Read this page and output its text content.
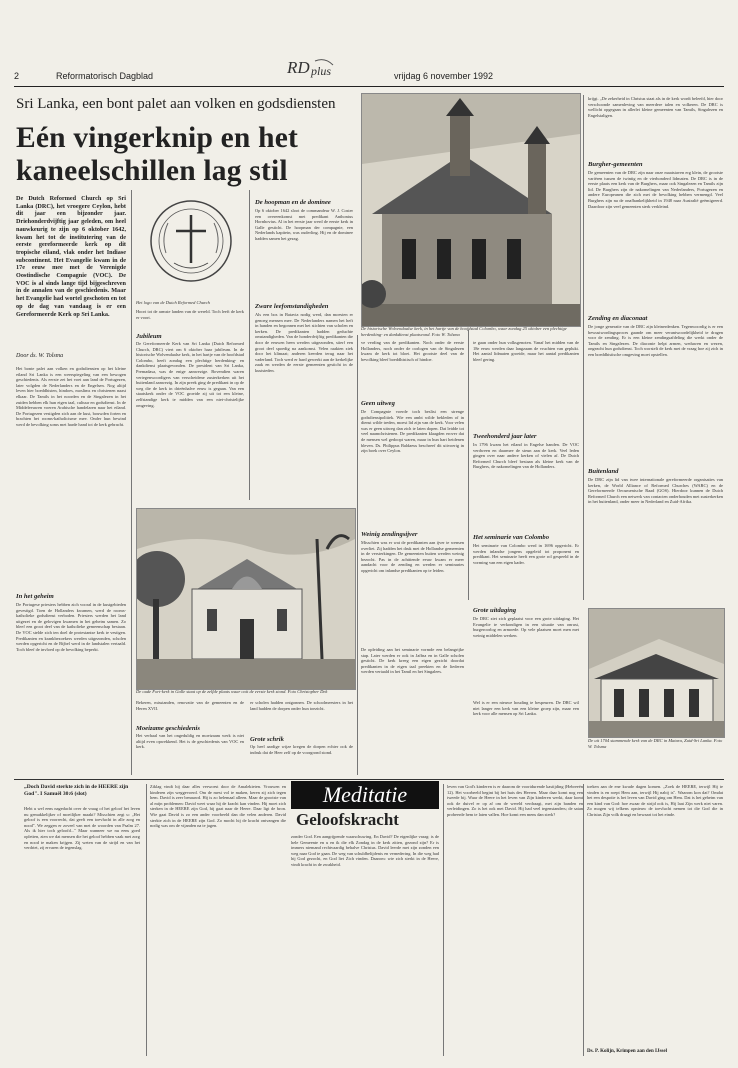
2	Reformatorisch Dagblad	vrijdag 6 november 1992
RD plus
Sri Lanka, een bont palet aan volken en godsdiensten
Eén vingerknip en het kaneelschillen lag stil
De Dutch Reformed Church op Sri Lanka (DRC), het vroegere Ceylon, hebt dit jaar een bijzonder jaar. Driehonderdvijftig jaar geleden, om heel nauwkeurig te zijn op 6 oktober 1642, kwam het tot de institutering van de eerste gereformeerde kerk op dit tropische eiland, vlak onder het Indiase subcontinent. Het Evangelie kwam in de 17e eeuw mee met de Verenigde Oostindische Compagnie (VOC). De VOC is al sinds lange tijd bijgeschreven in de annalen van de geschiedenis. Maar het Evangelie had wortel geschoten en tot op de dag van vandaag is er een Gereformeerde Kerk op Sri Lanka.
Door ds. W. Tolsma
Het bonte palet aan volken en godsdiensten op het kleine eiland Sri Lanka is een weerspiegeling van een bewogen geschiedenis. Als eerste zet het voet aan land de Portugezen, later volgden de Nederlanders en de Engelsen. Nog altijd leven hier boeddhisten, hindoes, moslims en christenen naast elkaar. De Tamils in het noorden en de Singalezen in het zuiden hebben elk hun eigen taal, cultuur en godsdienst. In de Middeleeuwen voeren Arabische handelaren naar het eiland. De Portugezen vestigden zich aan de kust, bouwden forten en brachten het rooms-katholicisme mee. Onder hun bewind werd de bevolking soms met harde hand tot de kerk gebracht.
In het geheim
De Portugese priesters hebben zich vooral in de kustgebieden gevestigd. Toen de Hollanders kwamen, werd de rooms-katholieke godsdienst verboden. Priesters werden het land uitgezet en de gelovigen kwamen in het geheim samen. Zo bleef een groot deel van de katholieke gemeenschap bestaan. De VOC stelde zich ten doel de protestantse kerk te vestigen. Predikanten en krankbezoekers werden uitgezonden, scholen werden opgericht en de Bijbel werd in de landstalen vertaald. Toch bleef de invloed op de bevolking beperkt.
Het logo van de Dutch Reformed Church
Hoort tot de armste landen van de wereld. Toch leeft de kerk er voort.
Jubileum
De Gereformeerde Kerk van Sri Lanka (Dutch Reformed Church, DRC) viert om 6 oktober haar jubileum. In de historische Wolvendaalse kerk, in het hartje van de hoofdstad Colombo, heeft zondag een plechtige herdenking- en dankdienst plaatsgevonden. De president van Sri Lanka, Premadasa, was de enige aanwezige. Bovendien waren vertegenwoordigers van verscheidene zusterkerken uit het buitenland aanwezig. In zijn preek ging de predikant in op de weg die de kerk in drieënhalve eeuw is gegaan. Van een staatskerk onder de VOC groeide zij uit tot een kleine, zelfstandige kerk te midden van een niet-christelijke omgeving.
De hoopman en de dominee
Op 6 oktober 1642 sloot de commandeur W. J. Coster een overeenkomst met predikant Anthonius Hornhovius. Al in het eerste jaar werd de eerste kerk in Galle gesticht. De hoopman der compagnie, een Nederlands kapitein, was ouderling. Hij en de dominee hadden samen het gezag.
Zware leefomstandigheden
Als een bos in Batavia nodig werd, dan moesten er genoeg mensen mee. De Nederlanders namen het heft in handen en begonnen met het stichten van scholen en kerken. De predikanten hadden geduchte omstandigheden. Van de honderdvijftig predikanten die door de eeuwen heen werden uitgezonden, stierf een groot deel spoedig na aankomst. Velen raakten ziek door het klimaat; anderen keerden terug naar het vaderland. Toch werd er hard gewerkt aan de kerkelijke zaak en werden de eerste gemeenten gesticht in de kuststeden.
De historische Wolvendaalse kerk, in het hartje van de hoofdstad Colombo, waar zondag 25 oktober een plechtige herdenking- en dankdienst plaatsvond. Foto W. Tolsma
ve verding van de predikanten. Noch onder de eerste Hollanders, noch onder de oorlogen van de Singalezen kwam de kerk tot bloei. Het grootste deel van de bevolking bleef boeddhistisch of hindoe.
Geen uitweg
De Compagnie voerde toch beslist een strenge godsdienstpolitiek. Wie een ambt wilde bekleden of in dienst wilde treden, moest lid zijn van de kerk. Voor velen was er geen uitweg dan zich te laten dopen. Dat leidde tot veel naamchristenen. De predikanten klaagden erover dat de mensen wel gedoopt waren, maar in hun hart heidenen bleven. Ds. Philippus Baldaeus beschreef dit uitvoerig in zijn boek over Ceylon.
Weinig zendingsijver
Misschien was er wat de predikanten aan ijver te wensen overliet. Zij hadden het druk met de Hollandse gemeenten in de versterkingen. De gemeenten buiten werden weinig bezocht. Pas in de achttiende eeuw kwam er meer aandacht voor de zending en werden er seminaries opgericht om inlandse predikanten op te leiden.
te gaan onder hun volksgenoten. Vanaf het midden van de 18e eeuw werden daar langzaam de vruchten van geplukt. Het aantal lidmaten groeide, maar het aantal predikanten bleef gering.
Tweehonderd jaar later
In 1796 kwam het eiland in Engelse handen. De VOC verdween en daarmee de steun aan de kerk. Veel leden gingen over naar andere kerken of vielen af. De Dutch Reformed Church bleef bestaan als kleine kerk van de Burghers, de nakomelingen van de Hollanders.
Het seminarie van Colombo
Het seminarie van Colombo werd in 1696 opgericht. Er werden inlandse jongens opgeleid tot proponent en predikant. Het seminarie heeft een grote rol gespeeld in de vorming van een eigen kader.
De oude Fort-kerk in Galle staat op de zelfde plaats waar ooit de eerste kerk stond. Foto Christopher Dek
Bekeren, misstanden, renovatie van de gemeenten en de Heren XVII.
Moeizame geschiedenis
Het verhaal van het ongeduldig en moeizaam werk is niet altijd even opwekkend. Het is de geschiedenis van VOC en kerk.
er scholen hadden ontgonnen. De schoolmeesters in het land hadden de dorpen onder hun toezicht.
Grote schrik
Op heel aardige wijze kregen de dorpen echter ook de indruk dat de Heer zelf op de voorgrond stond.
krijgt. „De zekerheid in Christus staat als in de kerk wordt beleefd, hier door verschoonde samenleving van meerdere talen en volkeren. De DRC is wellicht opgegaan in allerlei kleine gemeenten van Tamils, Singalezen en Engelstaligen.
Burgher-gemeenten
De gemeenten van de DRC zijn naar onze maatstaven erg klein, de grootste variëren tussen de twintig en de vierhonderd lidmaten. De DRC is in de eerste plaats een kerk van de Burghers, maar ook Singalezen en Tamils zijn lid. De Burghers zijn de nakomelingen van Nederlanders, Portugezen en andere Europeanen die zich met de bevolking hebben vermengd. Veel Burghers zijn na de onafhankelijkheid in 1948 naar Australië geëmigreerd. Daardoor zijn veel gemeenten sterk verkleind.
Zending en diaconaat
De jonge generatie van de DRC zijn kleinerdenken. Tegenwoordig is er een bewustwordingsproces gaande om meer verantwoordelijkheid te dragen voor de zending. Er is een kleine zendingsafdeling die werkt onder de Tamils en Singalezen. De diaconie helpt armen, weduwen en wezen, ongeacht hun godsdienst. Toch worstelt de kerk met de vraag hoe zij zich in een boeddhistische omgeving moet opstellen.
Buitenland
De DRC zijn lid van twee internationale gereformeerde organisaties van kerken, de World Alliance of Reformed Churches (WARC) en de Gereformeerde Oecumenische Raad (GOS). Hierdoor kunnen de Dutch Reformed Church een netwerk van contacten onderhouden met zusterkerken in het buitenland, onder meer in Nederland en Zuid-Afrika.
Grote uitdaging
De DRC ziet zich geplaatst voor een grote uitdaging. Het Evangelie te verkondigen in een situatie van onrust, burgeroorlog en armoede. Op vele plaatsen moet men met weinig middelen werken.
De uit 1704 stammende kerk van de DRC in Matara, Zuid-Sri Lanka. Foto W. Tolsma
Wel is er een nieuwe houding te bespeuren. De DRC wil niet langer een kerk van een kleine groep zijn, maar een kerk voor alle mensen op Sri Lanka.
De opleiding aan het seminarie vormde een belangrijke stap. Later werden er ook in Jaffna en in Galle scholen gesticht. De kerk kreeg een eigen gezicht doordat predikanten in de eigen taal preekten en de liederen werden vertaald in het Tamil en het Singalees.
„Doch David sterkte zich in de HEERE zijn God". I Samuël 30:6 (slot)
Hebt u wel eens nagedacht over de vraag of het geloof het leven nu gemakkelijker of moeilijker maakt? Misschien zegt u: „Het geloof is een voorrecht, dat geeft een toevlucht in alle zorg en nood". We zeggen er zoveel van met de woorden van Psalm 27. Als ik hier toch geloofd..." Maar wanneer we nu eens goed opletten, zien we dat mensen die het geloof hebben vaak met zorg en nood te maken krijgen. Zij weten van de strijd en van het verdriet, zij ervaren de tegenslag.
Ziklag vindt hij daar alles verwoest door de Amalekieten. Vrouwen en kinderen zijn weggevoerd. Om de mest vol te maken, keren zij zich tegen hem. David is zeer benauwd. Hij is zo helemaal alleen. Maar de grootste van al mijn problemen: David weet waar hij de kracht kan vinden. Hij moet zich sterken in de HEERE zijn God, hij gaat naar de Heere. Daar ligt de bron. Wie gaat David is zo een ander voorbeeld dan die velen anderen. David sterkte zich in de HEERE zijn God. Zo mocht hij de kracht ontvangen die nodig was om de vijanden na te jagen.
Meditatie
Geloofskracht
zonder God. Een aangrijpende waarschuwing. En David? De eigenlijke vraag: is de hele Gemeente en u en ik die elk Zondag in de kerk zitten, gezond zijn? Er is immers niemand rechtvaardig behalve Christus. David leerde met zijn zonden een weg naar God te gaan. De weg van schuldbelijdenis en vernedering. In die weg had hij God gezocht, en God liet Zich vinden. Daarom: wie zich sterkt in de Heere, vindt kracht in de zwakheid.
leven van God's kinderen is er daarom de voortdurende kastijding (Hebreeën 12). Het voorbeeld begint bij het huis des Heeren. Maar daar komt nog een tweede bij. Waar de Heere in het leven van Zijn kinderen werkt, daar komt ook de duivel er op af om de wereld verdraagt, met zijn banden en verleidingen. Zo is het ook met David. Hij had veel tegenstanders; de satan probeerde hem te laten vallen. Hoe komt een mens dan sterk?
toeken aan de ene kwade dagen komen. „Zoek de HEERE, terwijl Hij te vinden is en roept Hem aan, terwijl Hij nabij is". Waarom kon dat? Omdat het een despotie is het leven van David ging om Hem. Dat is het geheim van een kind van God: hoe zwaar de strijd ook is, Hij laat Zijn werk niet varen. Zo mogen wij telkens opnieuw de toevlucht nemen tot die God die in Christus Zijn volk draagt en bewaart tot het einde.
Ds. P. Kolijn, Krimpen aan den IJssel
